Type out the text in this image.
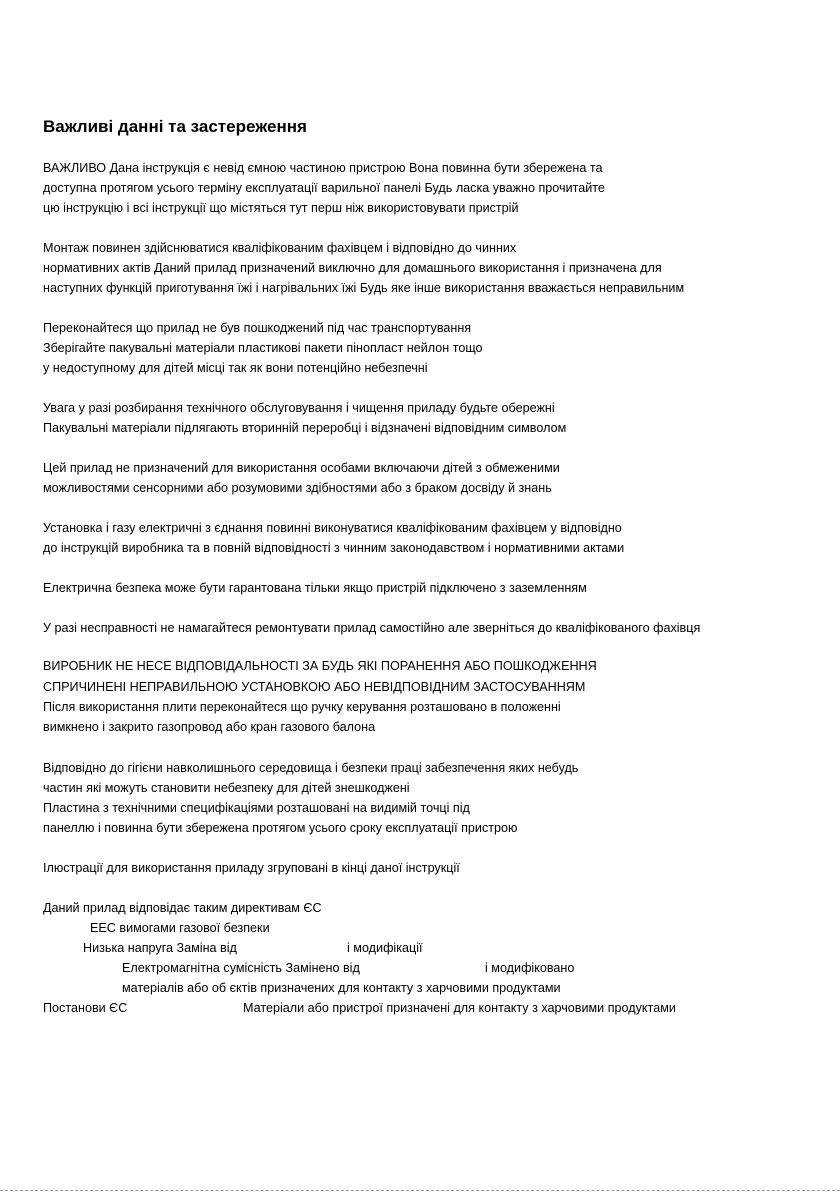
Важливі данні та застереження
ВАЖЛИВО Дана інструкція є невід ємною частиною пристрою Вона повинна бути збережена та
доступна протягом усього терміну експлуатації варильної панелі Будь ласка уважно прочитайте
цю інструкцію і всі інструкції що містяться тут перш ніж використовувати пристрій
Монтаж повинен здійснюватися кваліфікованим фахівцем і відповідно до чинних
нормативних актів Даний прилад призначений виключно для домашнього використання і призначена для
наступних функцій приготування їжі і нагрівальних їжі Будь яке інше використання вважається неправильним
Переконайтеся що прилад не був пошкоджений під час транспортування
Зберігайте пакувальні матеріали пластикові пакети пінопласт нейлон тощо
у недоступному для дітей місці так як вони потенційно небезпечні
Увага у разі розбирання технічного обслуговування і чищення приладу будьте обережні
Пакувальні матеріали підлягають вторинній переробці і відзначені відповідним символом
Цей прилад не призначений для використання особами включаючи дітей з обмеженими
можливостями сенсорними або розумовими здібностями або з браком досвіду й знань
Установка і газу електричні з єднання повинні виконуватися кваліфікованим фахівцем у відповідно
до інструкцій виробника та в повній відповідності з чинним законодавством і нормативними актами
Електрична безпека може бути гарантована тільки якщо пристрій підключено з заземленням
У разі несправності не намагайтеся ремонтувати прилад самостійно але зверніться до кваліфікованого фахівця
ВИРОБНИК НЕ НЕСЕ ВІДПОВІДАЛЬНОСТІ ЗА БУДЬ ЯКІ ПОРАНЕННЯ АБО ПОШКОДЖЕННЯ
СПРИЧИНЕНІ НЕПРАВИЛЬНОЮ УСТАНОВКОЮ АБО НЕВІДПОВІДНИМ ЗАСТОСУВАННЯМ
Після використання плити переконайтеся що ручку керування розташовано в положенні
вимкнено і закрито газопровод або кран газового балона
Відповідно до гігієни навколишнього середовища і безпеки праці забезпечення яких небудь
частин які можуть становити небезпеку для дітей знешкоджені
Пластина з технічними специфікаціями розташовані на видимій точці під
панеллю і повинна бути збережена протягом усього сроку експлуатації пристрою
Ілюстрації для використання приладу згруповані в кінці даної інструкції
Даний прилад відповідає таким директивам ЄС
ЕЕС вимогами газової безпеки
Низька напруга Заміна від	і модифікації
Електромагнітна сумісність Замінено від	і модифіковано
матеріалів або об єктів призначених для контакту з харчовими продуктами
Постанови ЄС	Матеріали або пристрої призначені для контакту з харчовими продуктами
